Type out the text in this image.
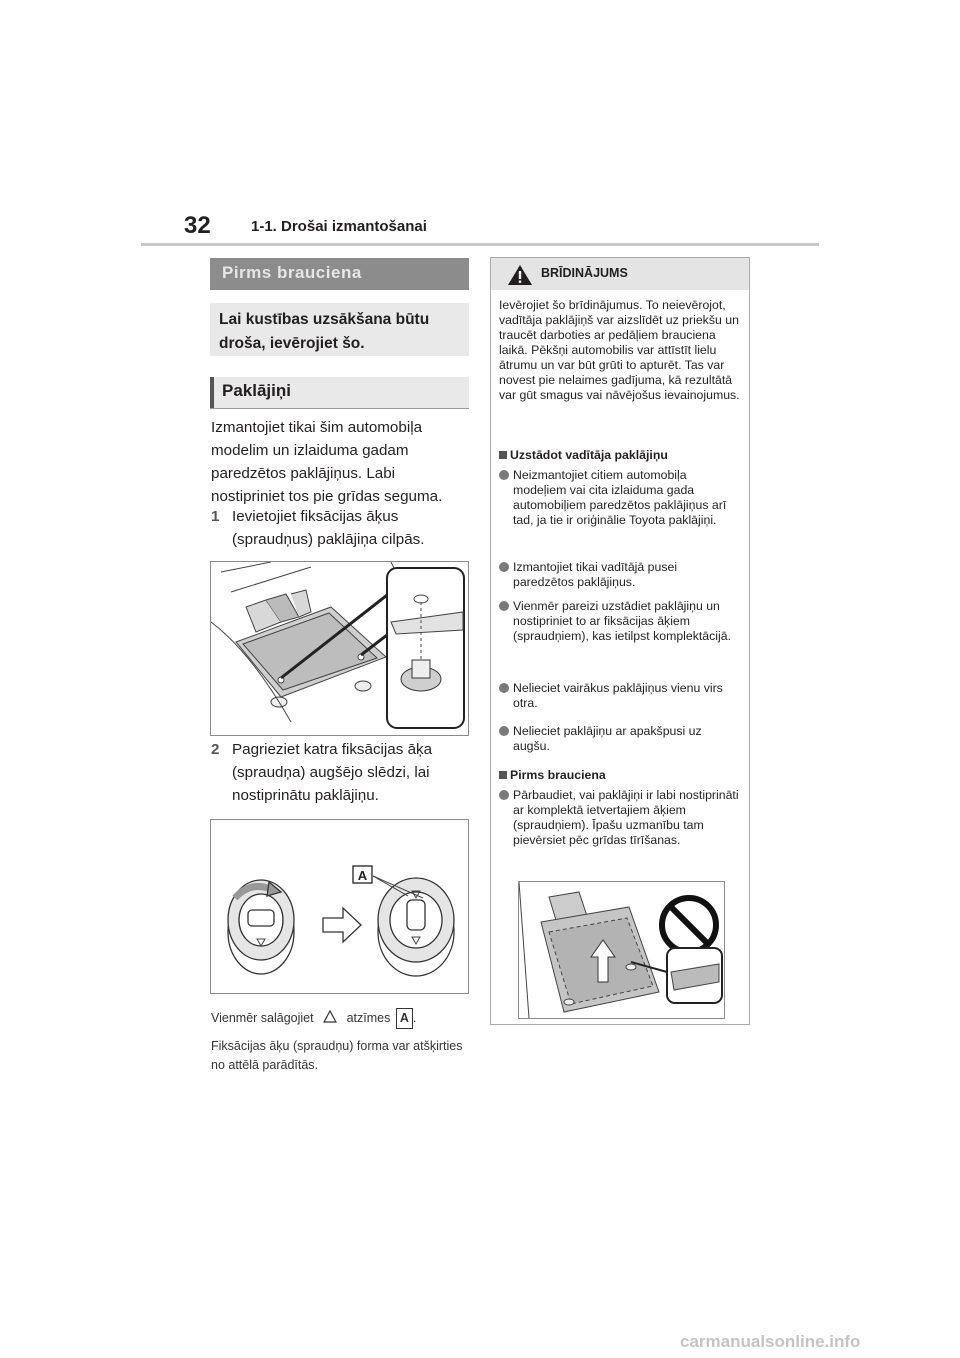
32	1-1. Drošai izmantošanai
Pirms brauciena
Lai kustības uzsākšana būtu droša, ievērojiet šo.
Paklājiņi
Izmantojiet tikai šim automobiļa modelim un izlaiduma gadam paredzētos paklājiņus. Labi nostipriniet tos pie grīdas seguma.
1 Ievietojiet fiksācijas āķus (spraudņus) paklājiņa cilpās.
2 Pagrieziet katra fiksācijas āķa (spraudņa) augšējo slēdzi, lai nostiprinātu paklājiņu.
A
Vienmēr salāgojiet	atzīmes A .
Fiksācijas āķu (spraudņu) forma var atšķirties no attēlā parādītās.
BRĪDINĀJUMS
Ievērojiet šo brīdinājumus. To neievērojot, vadītāja paklājiņš var aizslīdēt uz priekšu un traucēt darboties ar pedāļiem brauciena laikā. Pēkšņi automobilis var attīstīt lielu ātrumu un var būt grūti to apturēt. Tas var novest pie nelaimes gadījuma, kā rezultātā var gūt smagus vai nāvējošus ievainojumus.
Uzstādot vadītāja paklājiņu
Neizmantojiet citiem automobiļa modeļiem vai cita izlaiduma gada automobiļiem paredzētos paklājiņus arī tad, ja tie ir oriģinālie Toyota paklājiņi.
Izmantojiet tikai vadītājā pusei paredzētos paklājiņus.
Vienmēr pareizi uzstādiet paklājiņu un nostipriniet to ar fiksācijas āķiem (spraudņiem), kas ietilpst komplektācijā.
Nelieciet vairākus paklājiņus vienu virs otra.
Nelieciet paklājiņu ar apakšpusi uz augšu.
Pirms brauciena
Pārbaudiet, vai paklājiņi ir labi nostiprināti ar komplektā ietvertajiem āķiem (spraudņiem). Īpašu uzmanību tam pievērsiet pēc grīdas tīrīšanas.
carmanualsonline.info
